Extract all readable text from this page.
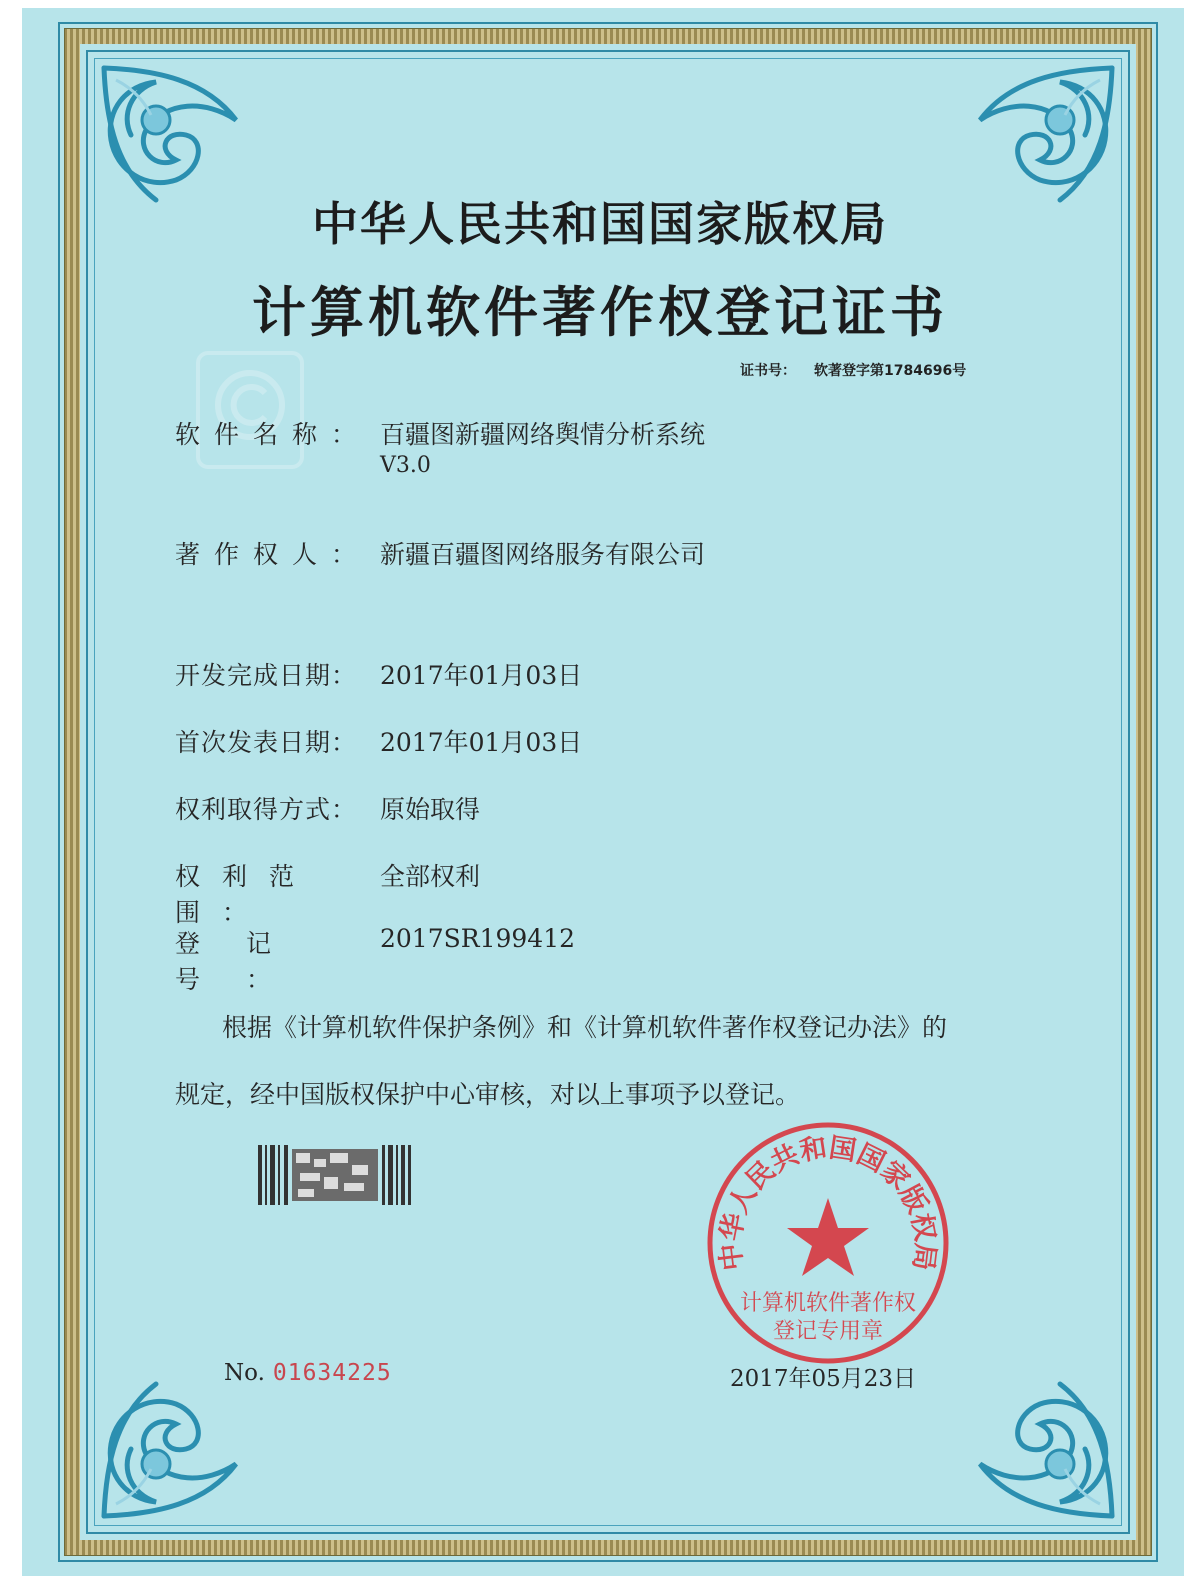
中华人民共和国国家版权局
计算机软件著作权登记证书
证书号： 软著登字第1784696号
软件名称： 百疆图新疆网络舆情分析系统
V3.0
著作权人： 新疆百疆图网络服务有限公司
开发完成日期： 2017年01月03日
首次发表日期： 2017年01月03日
权利取得方式： 原始取得
权利范围：
全部权利
登记号：
2017SR199412
根据《计算机软件保护条例》和《计算机软件著作权登记办法》的
规定，经中国版权保护中心审核，对以上事项予以登记。
No. 01634225	2017年05月23日
中华人民共和国国家版权局
计算机软件著作权
登记专用章
